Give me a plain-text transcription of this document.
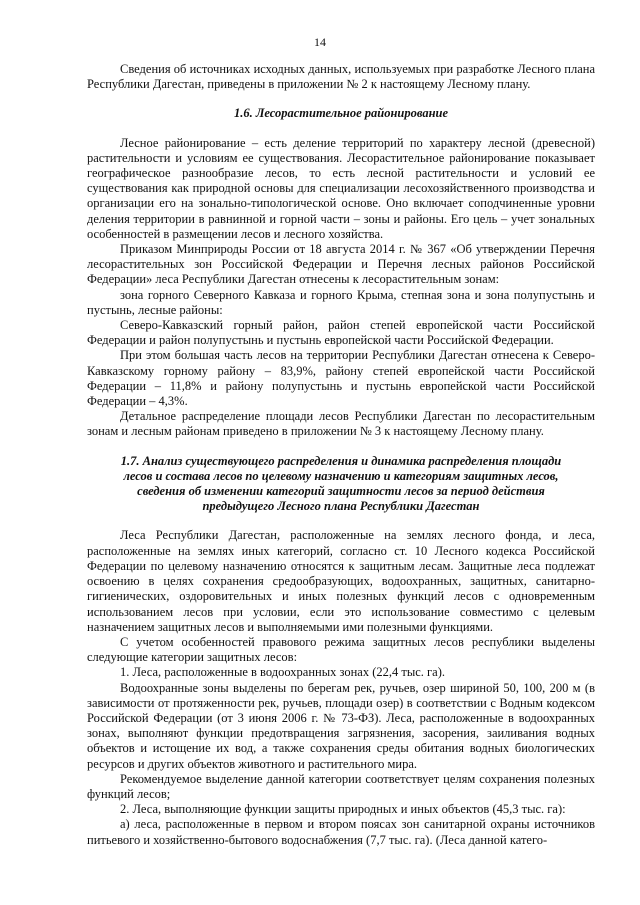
14

Сведения об источниках исходных данных, используемых при разработке Лесного плана Республики Дагестан, приведены в приложении № 2 к настоящему Лесному плану.

1.6. Лесорастительное районирование

Лесное районирование – есть деление территорий по характеру лесной (древесной) растительности и условиям ее существования. Лесорастительное районирование показывает географическое разнообразие лесов, то есть лесной растительности и условий ее существования как природной основы для специализации лесохозяйственного производства и организации его на зонально-типологической основе. Оно включает соподчиненные уровни деления территории в равнинной и горной части – зоны и районы. Его цель – учет зональных особенностей в размещении лесов и лесного хозяйства.

Приказом Минприроды России от 18 августа 2014 г. № 367 «Об утверждении Перечня лесорастительных зон Российской Федерации и Перечня лесных районов Российской Федерации» леса Республики Дагестан отнесены к лесорастительным зонам:

зона горного Северного Кавказа и горного Крыма, степная зона и зона полупустынь и пустынь, лесные районы:

Северо-Кавказский горный район, район степей европейской части Российской Федерации и район полупустынь и пустынь европейской части Российской Федерации.

При этом большая часть лесов на территории Республики Дагестан отнесена к Северо-Кавказскому горному району – 83,9%, району степей европейской части Российской Федерации – 11,8% и району полупустынь и пустынь европейской части Российской Федерации – 4,3%.

Детальное распределение площади лесов Республики Дагестан по лесорастительным зонам и лесным районам приведено в приложении № 3 к настоящему Лесному плану.

1.7. Анализ существующего распределения и динамика распределения площади
лесов и состава лесов по целевому назначению и категориям защитных лесов,
сведения об изменении категорий защитности лесов за период действия
предыдущего Лесного плана Республики Дагестан

Леса Республики Дагестан, расположенные на землях лесного фонда, и леса, расположенные на землях иных категорий, согласно ст. 10 Лесного кодекса Российской Федерации по целевому назначению относятся к защитным лесам. Защитные леса подлежат освоению в целях сохранения средообразующих, водоохранных, защитных, санитарно-гигиенических, оздоровительных и иных полезных функций лесов с одновременным использованием лесов при условии, если это использование совместимо с целевым назначением защитных лесов и выполняемыми ими полезными функциями.

С учетом особенностей правового режима защитных лесов республики выделены следующие категории защитных лесов:

1. Леса, расположенные в водоохранных зонах (22,4 тыс. га).

Водоохранные зоны выделены по берегам рек, ручьев, озер шириной 50, 100, 200 м (в зависимости от протяженности рек, ручьев, площади озер) в соответствии с Водным кодексом Российской Федерации (от 3 июня 2006 г. № 73-ФЗ). Леса, расположенные в водоохранных зонах, выполняют функции предотвращения загрязнения, засорения, заиливания водных объектов и истощение их вод, а также сохранения среды обитания водных биологических ресурсов и других объектов животного и растительного мира.

Рекомендуемое выделение данной категории соответствует целям сохранения полезных функций лесов;

2. Леса, выполняющие функции защиты природных и иных объектов (45,3 тыс. га):

а) леса, расположенные в первом и втором поясах зон санитарной охраны источников питьевого и хозяйственно-бытового водоснабжения (7,7 тыс. га). (Леса данной катего-
